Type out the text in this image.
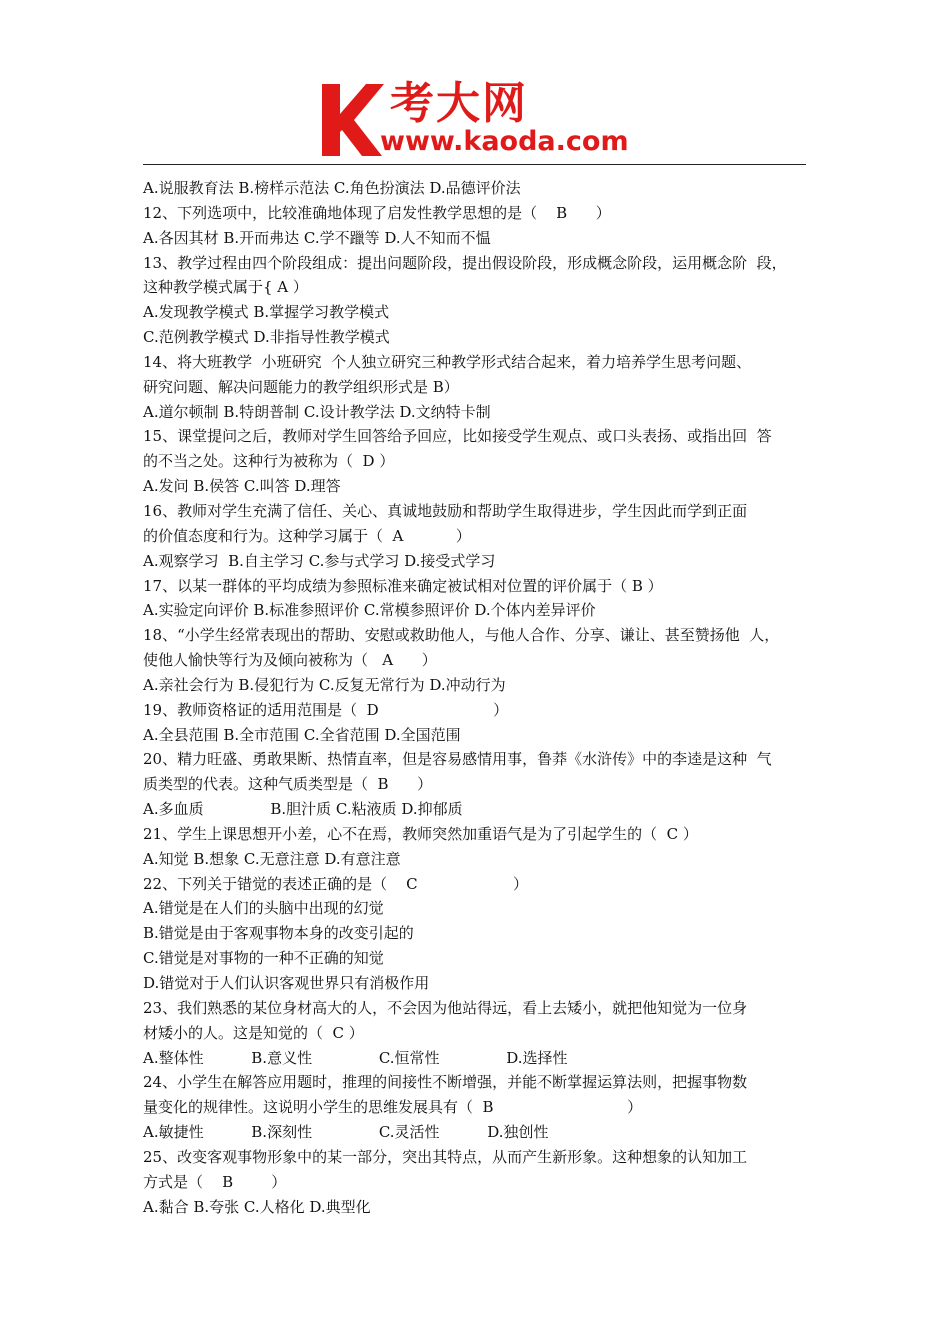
考大网
www.kaoda.com

A.说服教育法 B.榜样示范法 C.角色扮演法 D.品德评价法

12、下列选项中，比较准确地体现了启发性教学思想的是（    B      ）

A.各因其材 B.开而弗达 C.学不躐等 D.人不知而不愠

13、教学过程由四个阶段组成：提出问题阶段，提出假设阶段，形成概念阶段，运用概念阶  段，

这种教学模式属于{ A ）

A.发现教学模式 B.掌握学习教学模式

C.范例教学模式 D.非指导性教学模式

14、将大班教学  小班研究  个人独立研究三种教学形式结合起来，着力培养学生思考问题、

研究问题、解决问题能力的教学组织形式是 B）

A.道尔顿制 B.特朗普制 C.设计教学法 D.文纳特卡制

15、课堂提问之后，教师对学生回答给予回应，比如接受学生观点、或口头表扬、或指出回  答

的不当之处。这种行为被称为（  D ）

A.发问 B.侯答 C.叫答 D.理答

16、教师对学生充满了信任、关心、真诚地鼓励和帮助学生取得进步，学生因此而学到正面

的价值态度和行为。这种学习属于（  A           ）

A.观察学习  B.自主学习 C.参与式学习 D.接受式学习

17、以某一群体的平均成绩为参照标准来确定被试相对位置的评价属于（ B ）

A.实验定向评价 B.标准参照评价 C.常模参照评价 D.个体内差异评价

18、“小学生经常表现出的帮助、安慰或救助他人，与他人合作、分享、谦让、甚至赞扬他  人，

使他人愉快等行为及倾向被称为（   A      ）

A.亲社会行为 B.侵犯行为 C.反复无常行为 D.冲动行为

19、教师资格证的适用范围是（  D                        ）

A.全县范围 B.全市范围 C.全省范围 D.全国范围

20、精力旺盛、勇敢果断、热情直率，但是容易感情用事，鲁莽《水浒传》中的李逵是这种  气

质类型的代表。这种气质类型是（  B      ）

A.多血质              B.胆汁质 C.粘液质 D.抑郁质

21、学生上课思想开小差，心不在焉，教师突然加重语气是为了引起学生的（  C ）

A.知觉 B.想象 C.无意注意 D.有意注意

22、下列关于错觉的表述正确的是（    C                    ）

A.错觉是在人们的头脑中出现的幻觉

B.错觉是由于客观事物本身的改变引起的

C.错觉是对事物的一种不正确的知觉

D.错觉对于人们认识客观世界只有消极作用

23、我们熟悉的某位身材高大的人，不会因为他站得远，看上去矮小，就把他知觉为一位身

材矮小的人。这是知觉的（  C ）

A.整体性          B.意义性              C.恒常性              D.选择性

24、小学生在解答应用题时，推理的间接性不断增强，并能不断掌握运算法则，把握事物数

量变化的规律性。这说明小学生的思维发展具有（  B                            ）

A.敏捷性          B.深刻性              C.灵活性          D.独创性

25、改变客观事物形象中的某一部分，突出其特点，从而产生新形象。这种想象的认知加工

方式是（    B        ）

A.黏合 B.夸张 C.人格化 D.典型化
